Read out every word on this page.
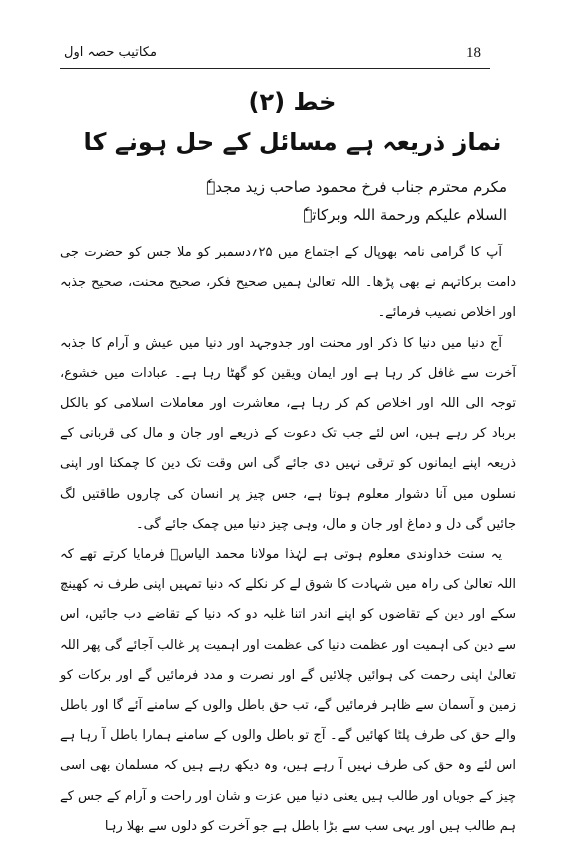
18
مکاتیب حصہ اول
خط (۲)
نماز ذریعہ ہے مسائل کے حل ہونے کا
مکرم محترم جناب فرخ محمود صاحب زید مجدہٗ
السلام علیکم ورحمة اللہ وبرکاتہٗ

آپ کا گرامی نامہ بھوپال کے اجتماع میں ۲۵؍دسمبر کو ملا جس کو حضرت جی دامت برکاتہم نے بھی پڑھا۔ اللہ تعالیٰ ہمیں صحیح فکر، صحیح محنت، صحیح جذبہ اور اخلاص نصیب فرمائے۔

آج دنیا میں دنیا کا ذکر اور محنت اور جدوجہد اور دنیا میں عیش و آرام کا جذبہ آخرت سے غافل کر رہا ہے اور ایمان ویقین کو گھٹا رہا ہے۔ عبادات میں خشوع، توجہ الی اللہ اور اخلاص کم کر رہا ہے، معاشرت اور معاملات اسلامی کو بالکل برباد کر رہے ہیں، اس لئے جب تک دعوت کے ذریعے اور جان و مال کی قربانی کے ذریعہ اپنے ایمانوں کو ترقی نہیں دی جائے گی اس وقت تک دین کا چمکنا اور اپنی نسلوں میں آنا دشوار معلوم ہوتا ہے، جس چیز پر انسان کی چاروں طاقتیں لگ جائیں گی دل و دماغ اور جان و مال، وہی چیز دنیا میں چمک جائے گی۔

یہ سنت خداوندی معلوم ہوتی ہے لہٰذا مولانا محمد الیاسؒ فرمایا کرتے تھے کہ اللہ تعالیٰ کی راہ میں شہادت کا شوق لے کر نکلے کہ دنیا تمہیں اپنی طرف نہ کھینچ سکے اور دین کے تقاضوں کو اپنے اندر اتنا غلبہ دو کہ دنیا کے تقاضے دب جائیں، اس سے دین کی اہمیت اور عظمت دنیا کی عظمت اور اہمیت پر غالب آجائے گی پھر اللہ تعالیٰ اپنی رحمت کی ہوائیں چلائیں گے اور نصرت و مدد فرمائیں گے اور برکات کو زمین و آسمان سے ظاہر فرمائیں گے، تب حق باطل والوں کے سامنے آئے گا اور باطل والے حق کی طرف پلٹا کھائیں گے۔ آج تو باطل والوں کے سامنے ہمارا باطل آ رہا ہے اس لئے وہ حق کی طرف نہیں آ رہے ہیں، وہ دیکھ رہے ہیں کہ مسلمان بھی اسی چیز کے جویاں اور طالب ہیں یعنی دنیا میں عزت و شان اور راحت و آرام کے جس کے ہم طالب ہیں اور یہی سب سے بڑا باطل ہے جو آخرت کو دلوں سے بھلا رہا
